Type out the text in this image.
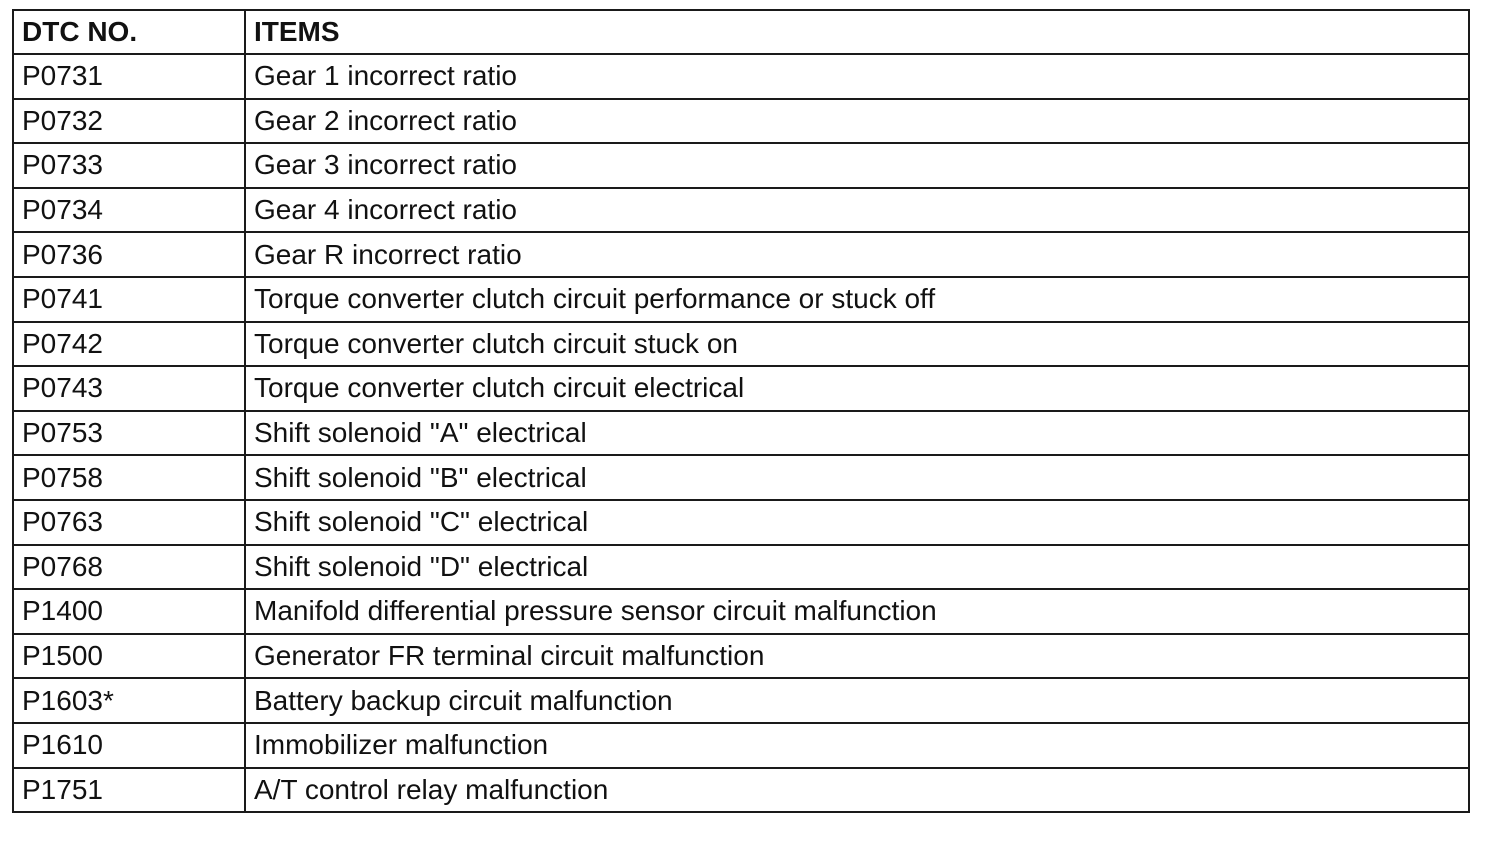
DTC NO.	ITEMS
P0731	Gear 1 incorrect ratio
P0732	Gear 2 incorrect ratio
P0733	Gear 3 incorrect ratio
P0734	Gear 4 incorrect ratio
P0736	Gear R incorrect ratio
P0741	Torque converter clutch circuit performance or stuck off
P0742	Torque converter clutch circuit stuck on
P0743	Torque converter clutch circuit electrical
P0753	Shift solenoid "A" electrical
P0758	Shift solenoid "B" electrical
P0763	Shift solenoid "C" electrical
P0768	Shift solenoid "D" electrical
P1400	Manifold differential pressure sensor circuit malfunction
P1500	Generator FR terminal circuit malfunction
P1603*	Battery backup circuit malfunction
P1610	Immobilizer malfunction
P1751	A/T control relay malfunction
